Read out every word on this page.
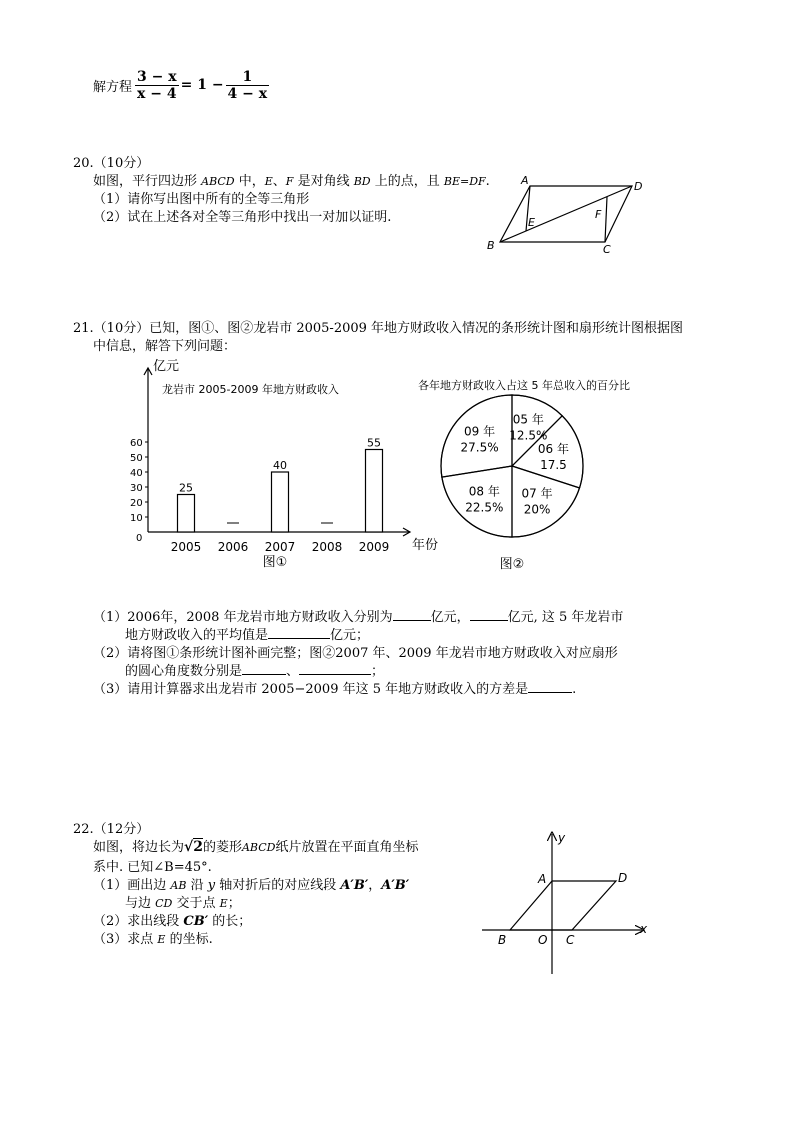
解方程 $\frac{3 - x}{x - 4} = 1 - \frac{1}{4 - x}$
20.（10分）
如图，平行四边形 ABCD 中，E、F 是对角线 BD 上的点，且 BE=DF.
（1）请你写出图中所有的全等三角形
（2）试在上述各对全等三角形中找出一对加以证明.
A	D
B	C
E
F
21.（10分）已知，图①、图②龙岩市 2005-2009 年地方财政收入情况的条形统计图和扇形统计图根据图
中信息，解答下列问题：
亿元
年份
龙岩市 2005-2009 年地方财政收入
0
10
20
30
40
50
60
2005 2006 2007 2008 2009
图①
25
40
55
各年地方财政收入占这 5 年总收入的百分比
05 年
12.5%
06 年
17.5
07 年
20%
08 年
22.5%
09 年
27.5%
图②
（1）2006年，2008 年龙岩市地方财政收入分别为	亿元，	亿元, 这 5 年龙岩市
地方财政收入的平均值是	亿元；
（2）请将图①条形统计图补画完整；图②2007 年、2009 年龙岩市地方财政收入对应扇形
的圆心角度数分别是	、	；
（3）请用计算器求出龙岩市 2005−2009 年这 5 年地方财政收入的方差是	.
22.（12分）
如图，将边长为√2的菱形ABCD纸片放置在平面直角坐标
系中. 已知∠B=45°.
（1）画出边 AB 沿 y 轴对折后的对应线段 A′B′，A′B′
与边 CD 交于点 E；
（2）求出线段 CB′ 的长；
（3）求点 E 的坐标.
y
x
A	D
B	O C
